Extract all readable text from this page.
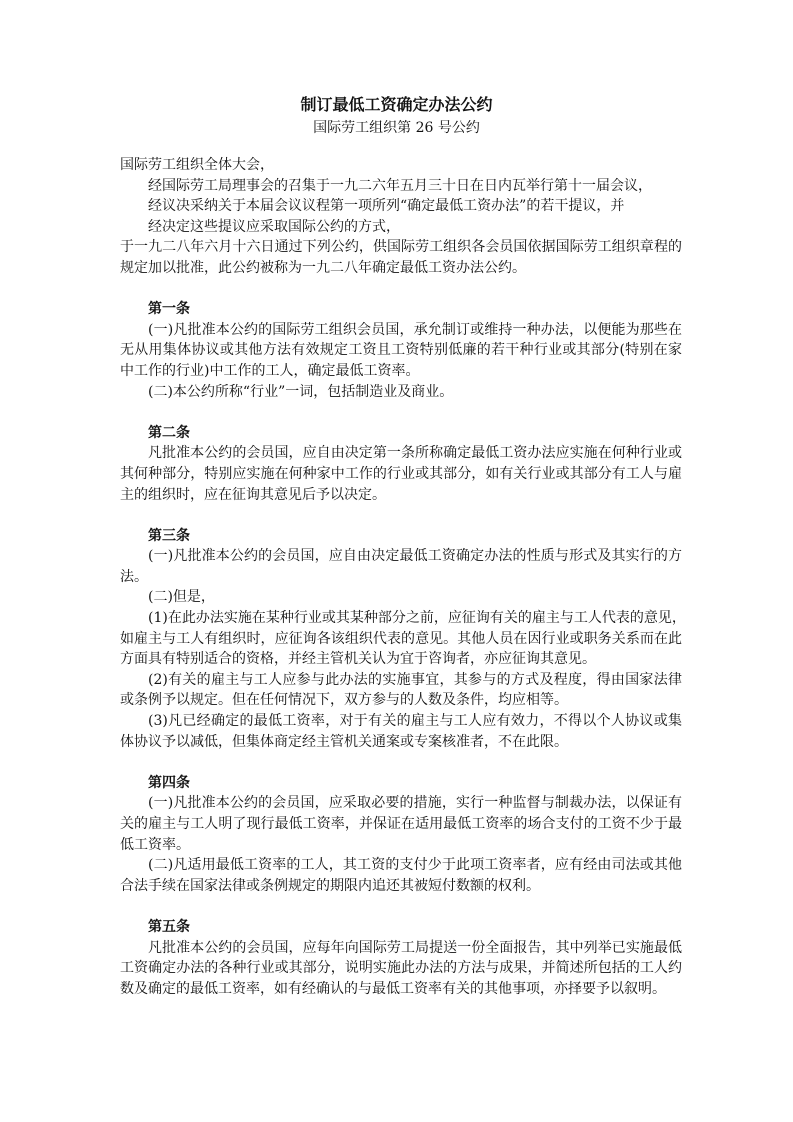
制订最低工资确定办法公约
国际劳工组织第 26 号公约
国际劳工组织全体大会，
经国际劳工局理事会的召集于一九二六年五月三十日在日内瓦举行第十一届会议，
经议决采纳关于本届会议议程第一项所列“确定最低工资办法”的若干提议，并
经决定这些提议应采取国际公约的方式，
于一九二八年六月十六日通过下列公约，供国际劳工组织各会员国依据国际劳工组织章程的
规定加以批准，此公约被称为一九二八年确定最低工资办法公约。
第一条
(一)凡批准本公约的国际劳工组织会员国，承允制订或维持一种办法，以便能为那些在
无从用集体协议或其他方法有效规定工资且工资特别低廉的若干种行业或其部分(特别在家
中工作的行业)中工作的工人，确定最低工资率。
(二)本公约所称“行业”一词，包括制造业及商业。
第二条
凡批准本公约的会员国，应自由决定第一条所称确定最低工资办法应实施在何种行业或
其何种部分，特别应实施在何种家中工作的行业或其部分，如有关行业或其部分有工人与雇
主的组织时，应在征询其意见后予以决定。
第三条
(一)凡批准本公约的会员国，应自由决定最低工资确定办法的性质与形式及其实行的方
法。
(二)但是，
(1)在此办法实施在某种行业或其某种部分之前，应征询有关的雇主与工人代表的意见，
如雇主与工人有组织时，应征询各该组织代表的意见。其他人员在因行业或职务关系而在此
方面具有特别适合的资格，并经主管机关认为宜于咨询者，亦应征询其意见。
(2)有关的雇主与工人应参与此办法的实施事宜，其参与的方式及程度，得由国家法律
或条例予以规定。但在任何情况下，双方参与的人数及条件，均应相等。
(3)凡已经确定的最低工资率，对于有关的雇主与工人应有效力，不得以个人协议或集
体协议予以减低，但集体商定经主管机关通案或专案核准者，不在此限。
第四条
(一)凡批准本公约的会员国，应采取必要的措施，实行一种监督与制裁办法，以保证有
关的雇主与工人明了现行最低工资率，并保证在适用最低工资率的场合支付的工资不少于最
低工资率。
(二)凡适用最低工资率的工人，其工资的支付少于此项工资率者，应有经由司法或其他
合法手续在国家法律或条例规定的期限内追还其被短付数额的权利。
第五条
凡批准本公约的会员国，应每年向国际劳工局提送一份全面报告，其中列举已实施最低
工资确定办法的各种行业或其部分，说明实施此办法的方法与成果，并简述所包括的工人约
数及确定的最低工资率，如有经确认的与最低工资率有关的其他事项，亦择要予以叙明。
